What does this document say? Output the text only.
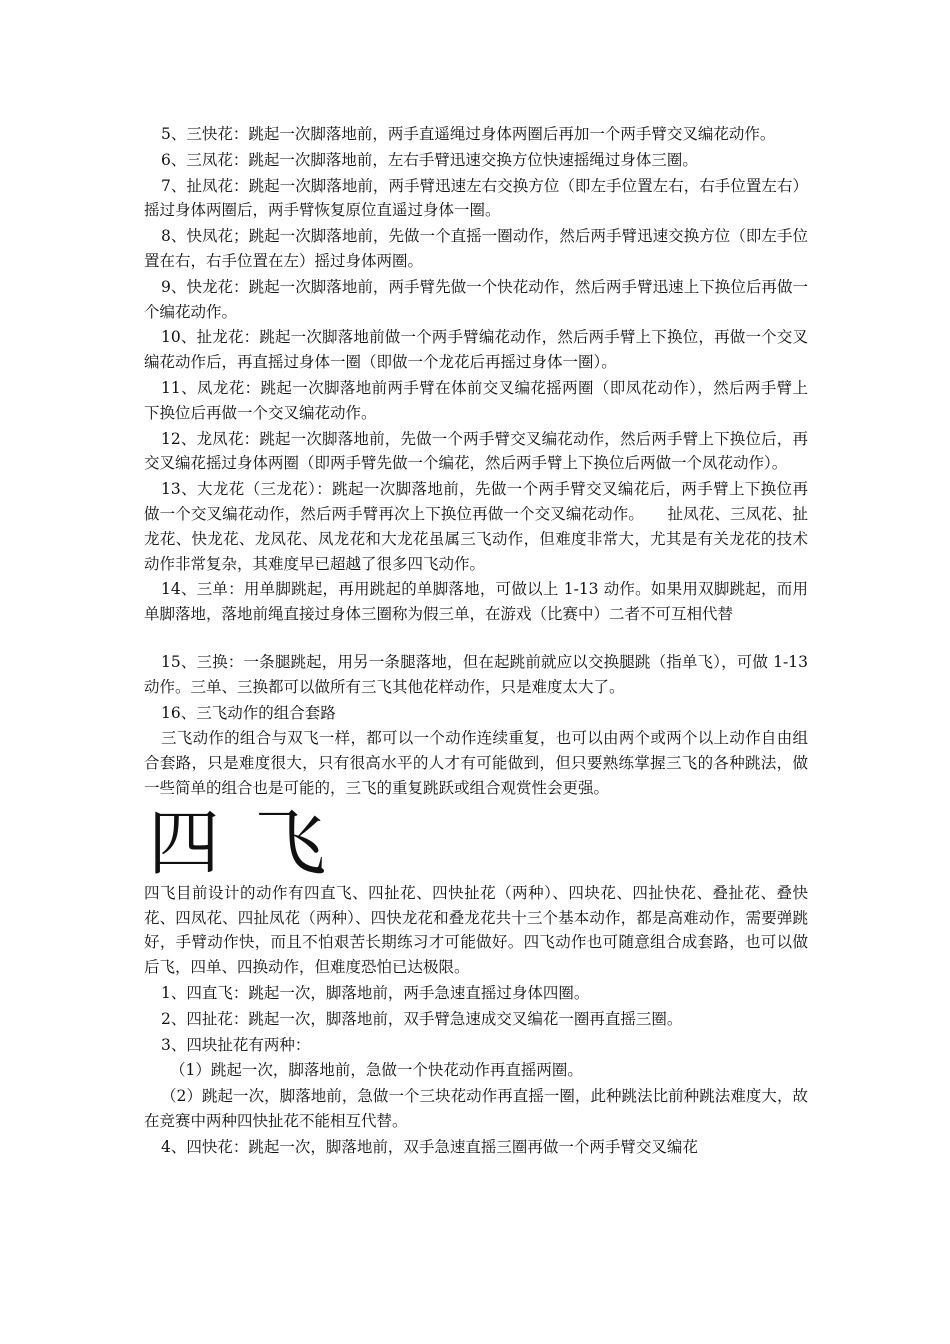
5、三快花：跳起一次脚落地前，两手直遥绳过身体两圈后再加一个两手臂交叉编花动作。

6、三凤花：跳起一次脚落地前，左右手臂迅速交换方位快速摇绳过身体三圈。

7、扯凤花：跳起一次脚落地前，两手臂迅速左右交换方位（即左手位置左右，右手位置左右）摇过身体两圈后，两手臂恢复原位直遥过身体一圈。

8、快凤花；跳起一次脚落地前，先做一个直摇一圈动作，然后两手臂迅速交换方位（即左手位置在右，右手位置在左）摇过身体两圈。

9、快龙花：跳起一次脚落地前，两手臂先做一个快花动作，然后两手臂迅速上下换位后再做一个编花动作。

10、扯龙花：跳起一次脚落地前做一个两手臂编花动作，然后两手臂上下换位，再做一个交叉编花动作后，再直摇过身体一圈（即做一个龙花后再摇过身体一圈）。

11、凤龙花：跳起一次脚落地前两手臂在体前交叉编花摇两圈（即凤花动作），然后两手臂上下换位后再做一个交叉编花动作。

12、龙凤花：跳起一次脚落地前，先做一个两手臂交叉编花动作，然后两手臂上下换位后，再交叉编花摇过身体两圈（即两手臂先做一个编花，然后两手臂上下换位后两做一个凤花动作）。

13、大龙花（三龙花）：跳起一次脚落地前，先做一个两手臂交叉编花后，两手臂上下换位再做一个交叉编花动作，然后两手臂再次上下换位再做一个交叉编花动作。　　扯凤花、三凤花、扯龙花、快龙花、龙凤花、凤龙花和大龙花虽属三飞动作，但难度非常大，尤其是有关龙花的技术动作非常复杂，其难度早已超越了很多四飞动作。

14、三单：用单脚跳起，再用跳起的单脚落地，可做以上 1-13 动作。如果用双脚跳起，而用单脚落地，落地前绳直接过身体三圈称为假三单，在游戏（比赛中）二者不可互相代替

15、三换：一条腿跳起，用另一条腿落地，但在起跳前就应以交换腿跳（指单飞），可做 1-13 动作。三单、三换都可以做所有三飞其他花样动作，只是难度太大了。

16、三飞动作的组合套路

三飞动作的组合与双飞一样，都可以一个动作连续重复，也可以由两个或两个以上动作自由组合套路，只是难度很大，只有很高水平的人才有可能做到，但只要熟练掌握三飞的各种跳法，做一些简单的组合也是可能的，三飞的重复跳跃或组合观赏性会更强。

四飞

四飞目前设计的动作有四直飞、四扯花、四快扯花（两种）、四块花、四扯快花、叠扯花、叠快花、四凤花、四扯凤花（两种）、四快龙花和叠龙花共十三个基本动作，都是高难动作，需要弹跳好，手臂动作快，而且不怕艰苦长期练习才可能做好。四飞动作也可随意组合成套路，也可以做后飞，四单、四换动作，但难度恐怕已达极限。

1、四直飞：跳起一次，脚落地前，两手急速直摇过身体四圈。

2、四扯花：跳起一次，脚落地前，双手臂急速成交叉编花一圈再直摇三圈。

3、四块扯花有两种：

（1）跳起一次，脚落地前，急做一个快花动作再直摇两圈。

（2）跳起一次，脚落地前，急做一个三块花动作再直摇一圈，此种跳法比前种跳法难度大，故在竞赛中两种四快扯花不能相互代替。

4、四快花：跳起一次，脚落地前，双手急速直摇三圈再做一个两手臂交叉编花
